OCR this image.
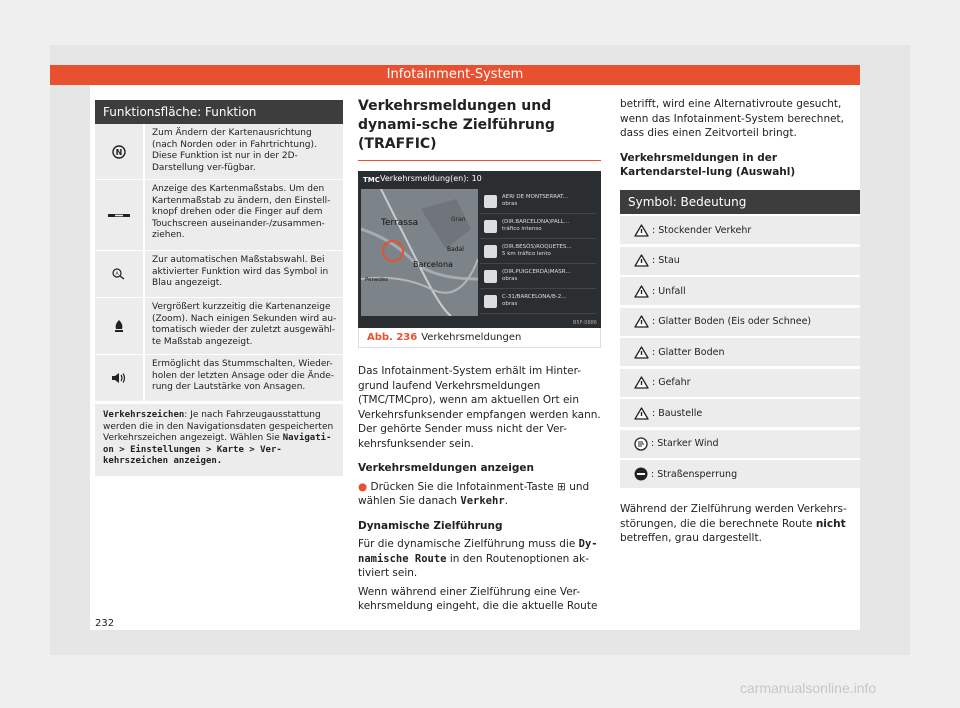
Infotainment-System
Funktionsfläche: Funktion
N
Zum Ändern der Kartenausrichtung (nach Norden oder in Fahrtrichtung). Diese Funktion ist nur in der 2D-Darstellung ver-fügbar.
Anzeige des Kartenmaßstabs. Um den Kartenmaßstab zu ändern, den Einstell-knopf drehen oder die Finger auf dem Touchscreen auseinander-/zusammen-ziehen.
A
Zur automatischen Maßstabswahl. Bei aktivierter Funktion wird das Symbol in Blau angezeigt.
Vergrößert kurzzeitig die Kartenanzeige (Zoom). Nach einigen Sekunden wird au-tomatisch wieder der zuletzt ausgewähl-te Maßstab angezeigt.
Ermöglicht das Stummschalten, Wieder-holen der letzten Ansage oder die Ände-rung der Lautstärke von Ansagen.
Verkehrszeichen: Je nach Fahrzeugausstattung werden die in den Navigationsdaten gespeicherten Verkehrszeichen angezeigt. Wählen Sie Navigati-on > Einstellungen > Karte > Ver-kehrszeichen anzeigen.
Verkehrsmeldungen und dynami-sche Zielführung (TRAFFIC)
TMC Verkehrsmeldung(en): 10
Terrassa	Gran
Barcelona
Badal
Penedès
AERI DE MONTSERRAT...
obras
(DIR.BARCELONA)PALL...
tráfico intenso
(DIR.BESÒS)ROQUETES...
5 km tráfico lento
(DIR.PUIGCERDÀ)MASR...
obras
C-31/BARCELONA/B-2...
obras
B5F-0886
Abb. 236 Verkehrsmeldungen
Das Infotainment-System erhält im Hinter-grund laufend Verkehrsmeldungen (TMC/TMCpro), wenn am aktuellen Ort ein Verkehrsfunksender empfangen werden kann. Der gehörte Sender muss nicht der Ver-kehrsfunksender sein.
Verkehrsmeldungen anzeigen
● Drücken Sie die Infotainment-Taste ⊞ und wählen Sie danach Verkehr.
Dynamische Zielführung
Für die dynamische Zielführung muss die Dy-namische Route in den Routenoptionen ak-tiviert sein.
Wenn während einer Zielführung eine Ver-kehrsmeldung eingeht, die die aktuelle Route
betrifft, wird eine Alternativroute gesucht, wenn das Infotainment-System berechnet, dass dies einen Zeitvorteil bringt.
Verkehrsmeldungen in der Kartendarstel-lung (Auswahl)
Symbol: Bedeutung
: Stockender Verkehr
: Stau
: Unfall
: Glatter Boden (Eis oder Schnee)
: Glatter Boden
: Gefahr
: Baustelle
: Starker Wind
: Straßensperrung
Während der Zielführung werden Verkehrs-störungen, die die berechnete Route nicht betreffen, grau dargestellt.
232
carmanualsonline.info
